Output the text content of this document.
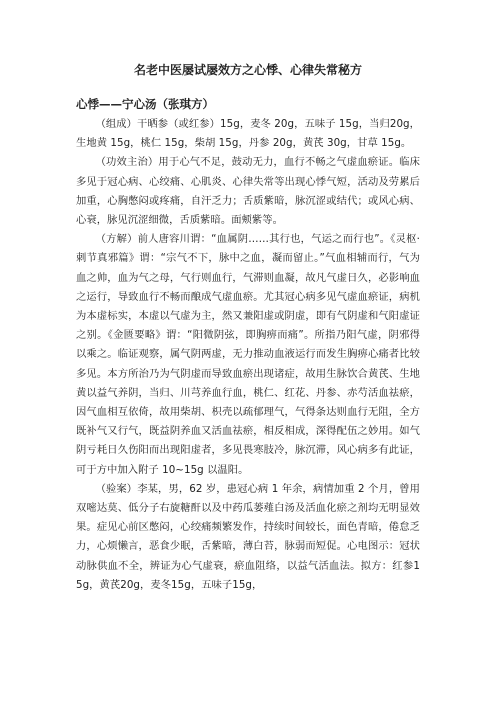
名老中医屡试屡效方之心悸、心律失常秘方
心悸——宁心汤（张琪方）

（组成）干晒参（或红参）15g，麦冬 20g，五味子 15g，当归20g，生地黄 15g，桃仁 15g，柴胡 15g，丹参 20g，黄芪 30g，甘草 15g。

（功效主治）用于心气不足，鼓动无力，血行不畅之气虚血瘀证。临床多见于冠心病、心绞痛、心肌炎、心律失常等出现心悸气短，活动及劳累后加重，心胸憋闷或疼痛，自汗乏力；舌质紫暗，脉沉涩或结代；或风心病、心衰，脉见沉涩细微，舌质紫暗。面颊紫等。

（方解）前人唐容川谓：“血属阴……其行也，气运之而行也”。《灵枢·刺节真邪篇》谓：“宗气不下，脉中之血，凝而留止。”气血相辅而行，气为血之帅，血为气之母，气行则血行，气滞则血凝，故凡气虚日久，必影响血之运行，导致血行不畅而酿成气虚血瘀。尤其冠心病多见气虚血瘀证，病机为本虚标实，本虚以气虚为主，然又兼阳虚或阴虚，即有气阴虚和气阳虚证之别。《金匮要略》谓：“阳微阴弦，即胸痹而痛”。所指乃阳气虚，阴邪得以乘之。临证观察，属气阴两虚，无力推动血液运行而发生胸痹心痛者比较多见。本方所治乃为气阴虚而导致血瘀出现诸症，故用生脉饮合黄芪、生地黄以益气养阴，当归、川芎养血行血，桃仁、红花、丹参、赤芍活血祛瘀，因气血相互依倚，故用柴胡、枳壳以疏郁理气，气得条达则血行无阻，全方既补气又行气，既益阴养血又活血祛瘀，相反相成，深得配伍之妙用。如气阴亏耗日久伤阳而出现阳虚者，多见畏寒肢冷，脉沉滞，风心病多有此证，可于方中加入附子 10~15g 以温阳。

（验案）李某，男，62 岁，患冠心病 1 年余，病情加重 2 个月，曾用双嘧达莫、低分子右旋糖酐以及中药瓜蒌薤白汤及活血化瘀之剂均无明显效果。症见心前区憋闷，心绞痛频繁发作，持续时间较长，面色青暗，倦怠乏力，心烦懒言，恶食少眠，舌紫暗，薄白苔，脉弱而短促。心电图示：冠状动脉供血不全，辨证为心气虚衰，瘀血阻络，以益气活血法。拟方：红参15g，黄芪20g，麦冬15g，五味子15g，
